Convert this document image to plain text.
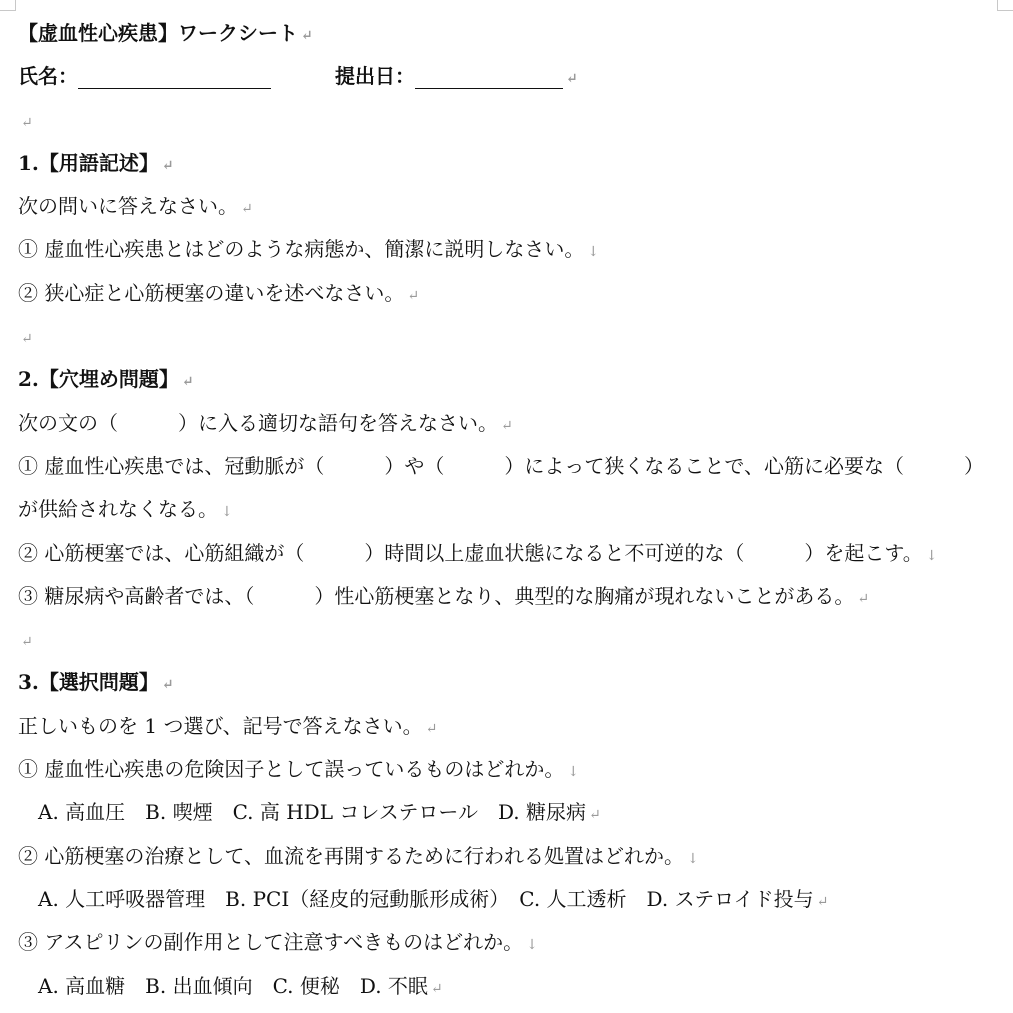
【虚血性心疾患】ワークシート ↵
氏名：	提出日：	↵
↵
1.【用語記述】 ↵
次の問いに答えなさい。 ↵
① 虚血性心疾患とはどのような病態か、簡潔に説明しなさい。 ↓
② 狭心症と心筋梗塞の違いを述べなさい。 ↵
↵
2.【穴埋め問題】 ↵
次の文の（　　　）に入る適切な語句を答えなさい。 ↵
① 虚血性心疾患では、冠動脈が（　　　）や（　　　）によって狭くなることで、心筋に必要な（　　　）
が供給されなくなる。 ↓
② 心筋梗塞では、心筋組織が（　　　）時間以上虚血状態になると不可逆的な（　　　）を起こす。 ↓
③ 糖尿病や高齢者では、（　　　）性心筋梗塞となり、典型的な胸痛が現れないことがある。 ↵
↵
3.【選択問題】 ↵
正しいものを 1 つ選び、記号で答えなさい。 ↵
① 虚血性心疾患の危険因子として誤っているものはどれか。 ↓
A. 高血圧　B. 喫煙　C. 高 HDL コレステロール　D. 糖尿病 ↵
② 心筋梗塞の治療として、血流を再開するために行われる処置はどれか。 ↓
A. 人工呼吸器管理　B. PCI（経皮的冠動脈形成術）　C. 人工透析　D. ステロイド投与 ↵
③ アスピリンの副作用として注意すべきものはどれか。 ↓
A. 高血糖　B. 出血傾向　C. 便秘　D. 不眠 ↵
